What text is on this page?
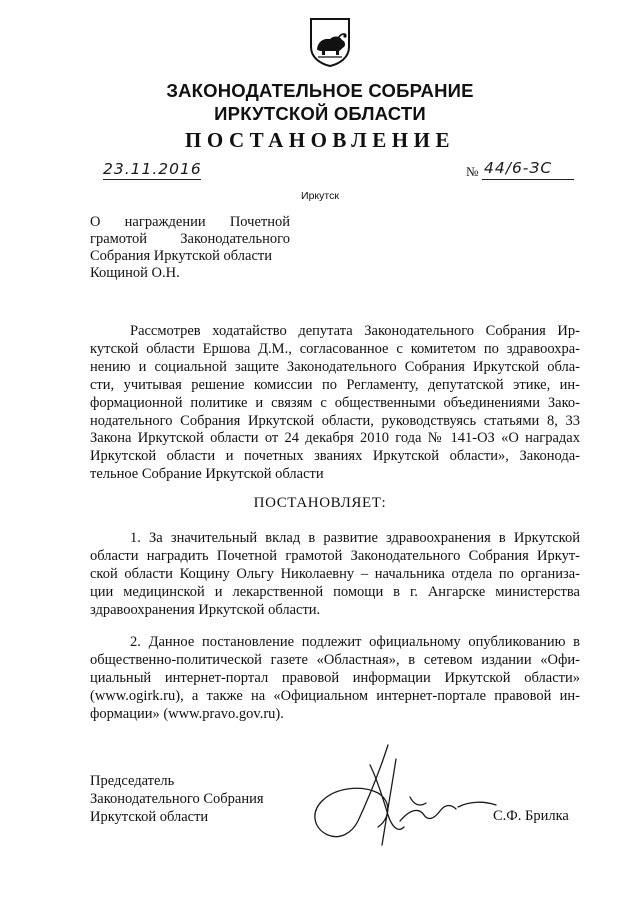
ЗАКОНОДАТЕЛЬНОЕ СОБРАНИЕ
ИРКУТСКОЙ ОБЛАСТИ
ПОСТАНОВЛЕНИЕ
23.11.2016	№ 44/6-ЗС
Иркутск
О награждении Почетной
грамотой Законодательного
Собрания Иркутской области
Кощиной О.Н.
Рассмотрев ходатайство депутата Законодательного Собрания Ир-
кутской области Ершова Д.М., согласованное с комитетом по здравоохра-
нению и социальной защите Законодательного Собрания Иркутской обла-
сти, учитывая решение комиссии по Регламенту, депутатской этике, ин-
формационной политике и связям с общественными объединениями Зако-
нодательного Собрания Иркутской области, руководствуясь статьями 8, 33
Закона Иркутской области от 24 декабря 2010 года № 141-ОЗ «О наградах
Иркутской области и почетных званиях Иркутской области», Законода-
тельное Собрание Иркутской области
ПОСТАНОВЛЯЕТ:
1. За значительный вклад в развитие здравоохранения в Иркутской
области наградить Почетной грамотой Законодательного Собрания Иркут-
ской области Кощину Ольгу Николаевну – начальника отдела по организа-
ции медицинской и лекарственной помощи в г. Ангарске министерства
здравоохранения Иркутской области.
2. Данное постановление подлежит официальному опубликованию в
общественно-политической газете «Областная», в сетевом издании «Офи-
циальный интернет-портал правовой информации Иркутской области»
(www.ogirk.ru), а также на «Официальном интернет-портале правовой ин-
формации» (www.pravo.gov.ru).
Председатель
Законодательного Собрания
Иркутской области	С.Ф. Брилка
